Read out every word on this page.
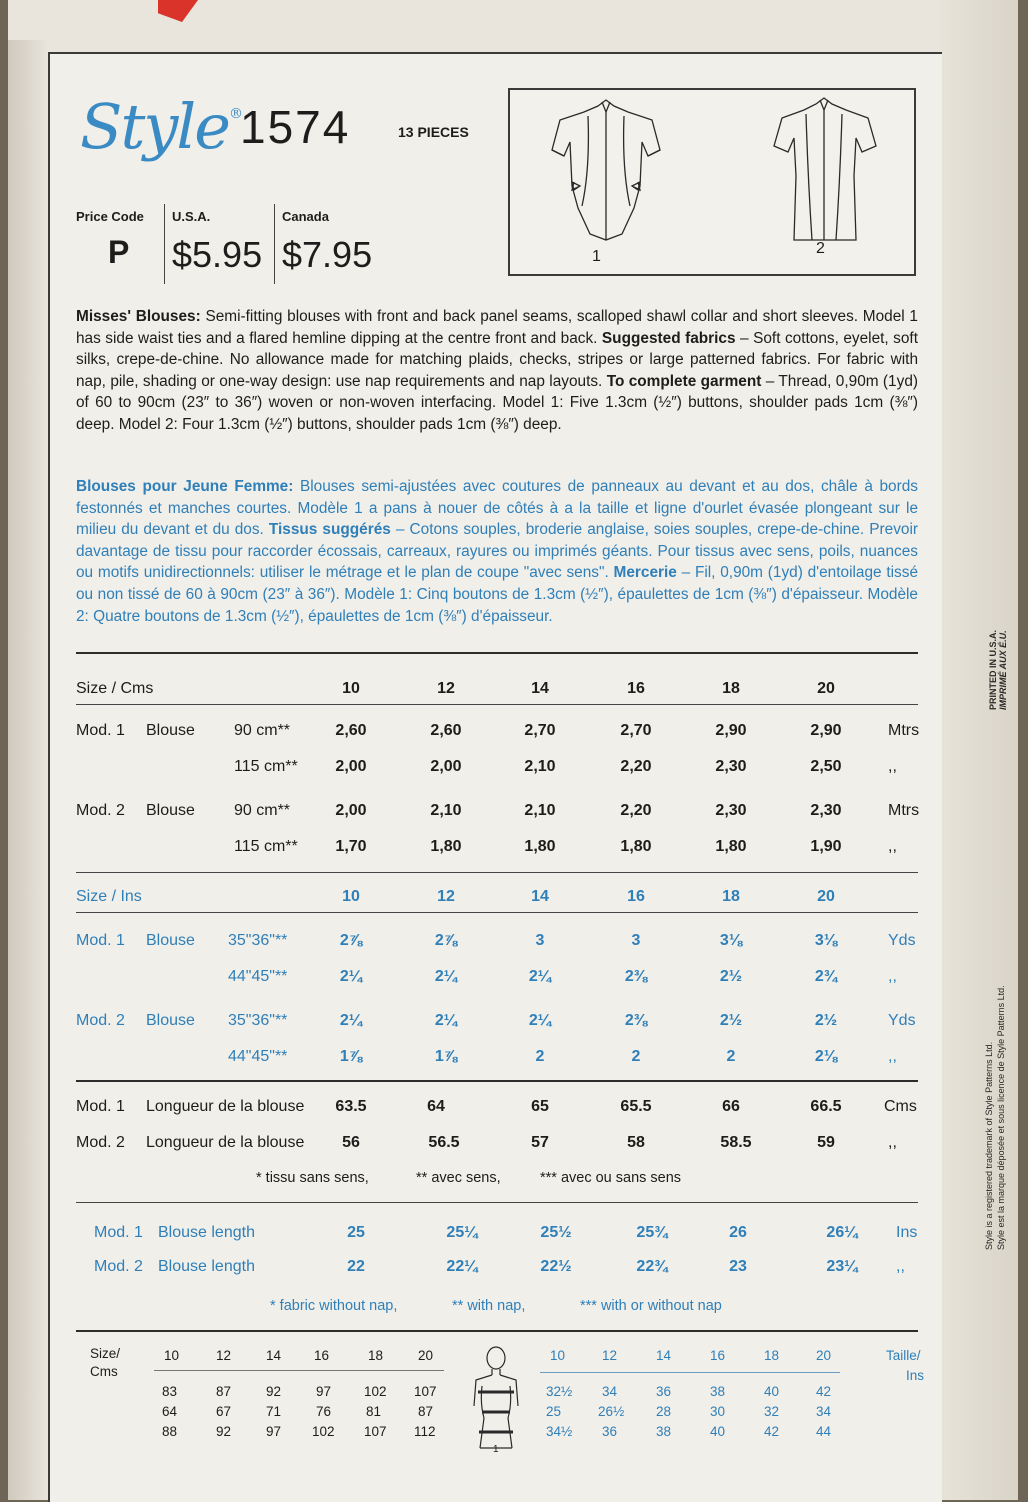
Style® 1574	13 PIECES
Price Code
P
U.S.A.
$5.95
Canada
$7.95	1	2

Misses' Blouses: Semi-fitting blouses with front and back panel seams, scalloped shawl collar and short sleeves. Model 1 has side waist ties and a flared hemline dipping at the centre front and back. Suggested fabrics – Soft cottons, eyelet, soft silks, crepe-de-chine. No allowance made for matching plaids, checks, stripes or large patterned fabrics. For fabric with nap, pile, shading or one-way design: use nap requirements and nap layouts. To complete garment – Thread, 0,90m (1yd) of 60 to 90cm (23″ to 36″) woven or non-woven interfacing. Model 1: Five 1.3cm (½″) buttons, shoulder pads 1cm (⅜″) deep. Model 2: Four 1.3cm (½″) buttons, shoulder pads 1cm (⅜″) deep.

Blouses pour Jeune Femme: Blouses semi-ajustées avec coutures de panneaux au devant et au dos, châle à bords festonnés et manches courtes. Modèle 1 a pans à nouer de côtés à a la taille et ligne d'ourlet évasée plongeant sur le milieu du devant et du dos. Tissus suggérés – Cotons souples, broderie anglaise, soies souples, crepe-de-chine. Prevoir davantage de tissu pour raccorder écossais, carreaux, rayures ou imprimés géants. Pour tissus avec sens, poils, nuances ou motifs unidirectionnels: utiliser le métrage et le plan de coupe "avec sens". Mercerie – Fil, 0,90m (1yd) d'entoilage tissé ou non tissé de 60 à 90cm (23″ à 36″). Modèle 1: Cinq boutons de 1.3cm (½″), épaulettes de 1cm (⅜″) d'épaisseur. Modèle 2: Quatre boutons de 1.3cm (½″), épaulettes de 1cm (⅜″) d'épaisseur.

Size / Cms	10	12	14	16	18	20
Mod. 1 Blouse 90 cm**	2,60	2,60	2,70	2,70	2,90	2,90	Mtrs
115 cm**	2,00	2,00	2,10	2,20	2,30	2,50	,,
Mod. 2 Blouse 90 cm**	2,00	2,10	2,10	2,20	2,30	2,30	Mtrs
115 cm**	1,70	1,80	1,80	1,80	1,80	1,90	,,
Size / Ins	10	12	14	16	18	20
Mod. 1 Blouse 35"36"**	2⅞	2⅞	3	3	3⅛	3⅛	Yds
44"45"**	2¼	2¼	2¼	2⅜	2½	2¾	,,
Mod. 2 Blouse 35"36"**	2¼	2¼	2¼	2⅜	2½	2½	Yds
44"45"**	1⅞	1⅞	2	2	2	2⅛	,,
Mod. 1 Longueur de la blouse	63.5	64	65	65.5	66	66.5	Cms
Mod. 2 Longueur de la blouse	56	56.5	57	58	58.5	59	,,
* tissu sans sens,	** avec sens,	*** avec ou sans sens
Mod. 1 Blouse length	25	25¼	25½	25¾	26	26¼	Ins
Mod. 2 Blouse length	22	22¼	22½	22¾	23	23¼	,,
* fabric without nap,	** with nap,	*** with or without nap
Size/
Cms
10	12	14 16	18	20
83	87	92	97 102 107
64	67	71	76	81	87
88	92	97 102 107 112
1
10	12	14	16	18	20	Taille/
Ins
32½ 34	36	38	40	42
25	26½ 28	30	32	34
34½ 36	38	40	42	44
PRINTED IN U.S.A. IMPRIMÉ AUX É.U.
Style is a registered trademark of Style Patterns Ltd. Style est la marque déposée et sous licence de Style Patterns Ltd.
